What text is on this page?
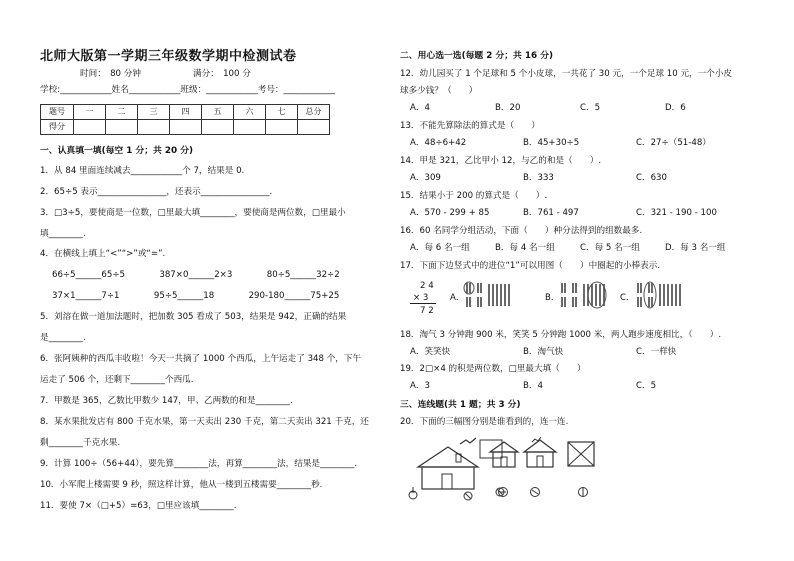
北师大版第一学期三年级数学期中检测试卷
时间：　80 分钟	满分：　100 分
学校:____________姓名____________班级：____________考号：____________
题号	一	二	三	四	五	六	七	总分
得分								
一、认真填一填(每空 1 分；共 20 分)
1．从 84 里面连续减去____________个 7，结果是 0.
2．65÷5 表示________________，还表示________________.
3．□3÷5，要使商是一位数，□里最大填________，要使商是两位数，□里最小
填________.
4．在横线上填上“<”“>”或“=”.
66÷5______65÷5　　　　387×0______2×3　　　　80÷5______32÷2
37×1______7÷1　　　　95÷5______18　　　　290-180______75+25
5．刘溶在做一道加法题时，把加数 305 看成了 503，结果是 942，正确的结果
是________.
6．张阿姨种的西瓜丰收啦！今天一共摘了 1000 个西瓜，上午运走了 348 个，下午
运走了 506 个，还剩下________个西瓜.
7．甲数是 365，乙数比甲数少 147，甲、乙两数的和是________.
8．某水果批发店有 800 千克水果，第一天卖出 230 千克，第二天卖出 321 千克，还
剩________千克水果.
9．计算 100÷（56+44），要先算________法，再算________法，结果是________.
10．小军爬上楼需要 9 秒，照这样计算，他从一楼到五楼需要________秒.
11．要使 7×（□+5）=63，□里应该填________.
二、用心选一选(每题 2 分；共 16 分)
12．幼儿园买了 1 个足球和 5 个小皮球，一共花了 30 元，一个足球 10 元，一个小皮
球多少钱？（　　）
A．4	B．20	C．5	D．6
13．不能先算除法的算式是（　　）
A．48÷6+42	B．45+30÷5	C．27÷（51-48）
14．甲是 321，乙比甲小 12，与乙的和是（　　）.
A．309	B．333	C．630
15．结果小于 200 的算式是（　　）.
A．570 - 299 + 85	B．761 - 497	C．321 - 190 - 100
16．60 名同学分组活动，下面（　　）种分法得到的组数最多.
A．每 6 名一组	B．每 4 名一组	C．每 5 名一组	D．每 3 名一组
17．下面下边竖式中的进位“1”可以用图（　　）中圈起的小棒表示.
2 4
× 3
7 2
A．	B．	C．
18．淘气 3 分钟跑 900 米，笑笑 5 分钟跑 1000 米，两人跑步速度相比，（　　）.
A．笑笑快	B．淘气快	C．一样快
19．2□×4 的积是两位数，□里最大填（　　）
A．3	B．4	C．5
三、连线题(共 1 题；共 3 分)
20．下面的三幅图分别是谁看到的，连一连.
